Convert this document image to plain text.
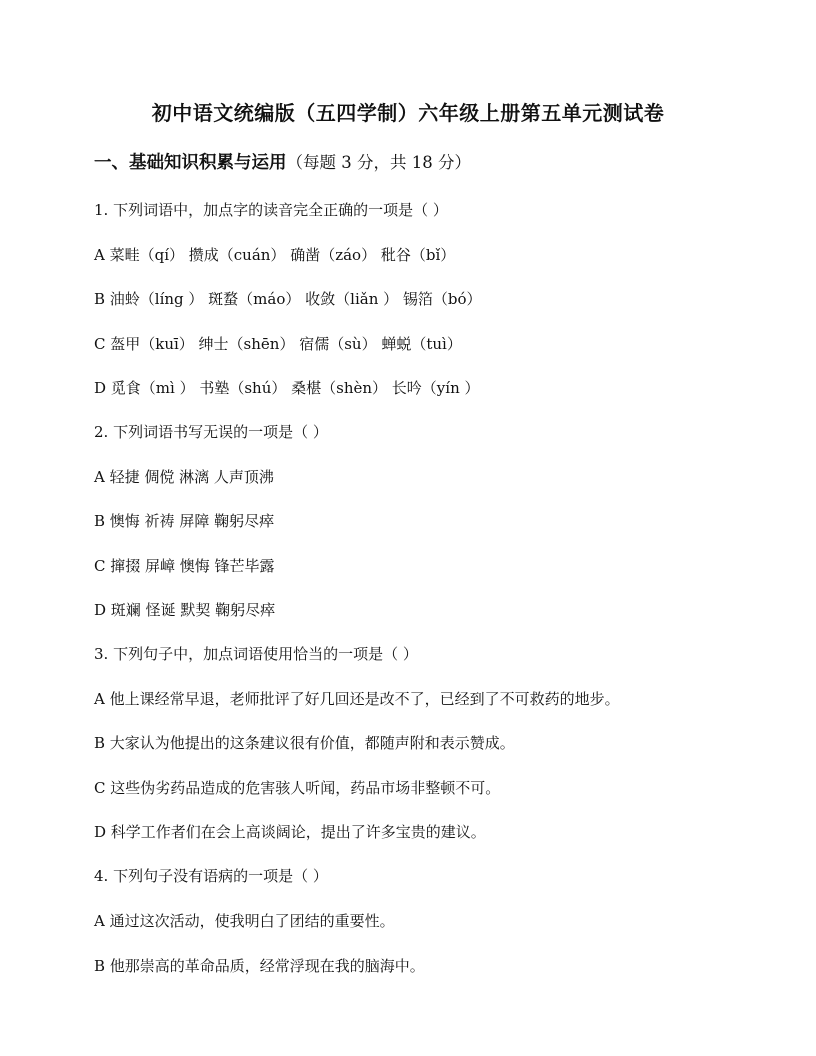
初中语文统编版（五四学制）六年级上册第五单元测试卷
一、基础知识积累与运用（每题 3 分，共 18 分）
1. 下列词语中，加点字的读音完全正确的一项是（ ）
A 菜畦（qí） 攒成（cuán） 确凿（záo） 秕谷（bǐ）
B 油蛉（líng ） 斑蝥（máo） 收敛（liǎn ） 锡箔（bó）
C 盔甲（kuī） 绅士（shēn） 宿儒（sù） 蝉蜕（tuì）
D 觅食（mì ） 书塾（shú） 桑椹（shèn） 长吟（yín ）
2. 下列词语书写无误的一项是（ ）
A 轻捷 倜傥 淋漓 人声顶沸
B 懊悔 祈祷 屏障 鞠躬尽瘁
C 撺掇 屏嶂 懊悔 锋芒毕露
D 斑斓 怪诞 默契 鞠躬尽瘁
3. 下列句子中，加点词语使用恰当的一项是（ ）
A 他上课经常早退，老师批评了好几回还是改不了，已经到了不可救药的地步。
B 大家认为他提出的这条建议很有价值，都随声附和表示赞成。
C 这些伪劣药品造成的危害骇人听闻，药品市场非整顿不可。
D 科学工作者们在会上高谈阔论，提出了许多宝贵的建议。
4. 下列句子没有语病的一项是（ ）
A 通过这次活动，使我明白了团结的重要性。
B 他那崇高的革命品质，经常浮现在我的脑海中。
